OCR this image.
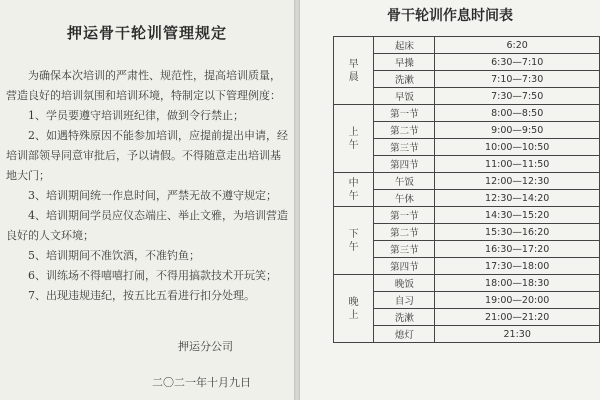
押运骨干轮训管理规定

为确保本次培训的严肃性、规范性，提高培训质量，营造良好的培训氛围和培训环境，特制定以下管理例度：

1、学员要遵守培训班纪律，做到令行禁止；

2、如遇特殊原因不能参加培训，应提前提出申请，经培训部领导同意审批后，予以请假。不得随意走出培训基地大门；

3、培训期间统一作息时间，严禁无故不遵守规定；

4、培训期间学员应仪态端庄、举止文雅，为培训营造良好的人文环境；

5、培训期间不准饮酒，不准钓鱼；

6、训练场不得嘻嘻打闹，不得用搞款技术开玩笑；

7、出现违规违纪，按五比五看进行扣分处理。

押运分公司
二〇二一年十月九日
骨干轮训作息时间表
早
晨	起床	6:20
	早操	6:30—7:10
	洗漱	7:10—7:30
	早饭	7:30—7:50
上
午	第一节	8:00—8:50
	第二节	9:00—9:50
	第三节	10:00—10:50
	第四节	11:00—11:50
中
午	午饭	12:00—12:30
	午休	12:30—14:20
下
午	第一节	14:30—15:20
	第二节	15:30—16:20
	第三节	16:30—17:20
	第四节	17:30—18:00
晚
上	晚饭	18:00—18:30
	自习	19:00—20:00
	洗漱	21:00—21:20
	熄灯	21:30
